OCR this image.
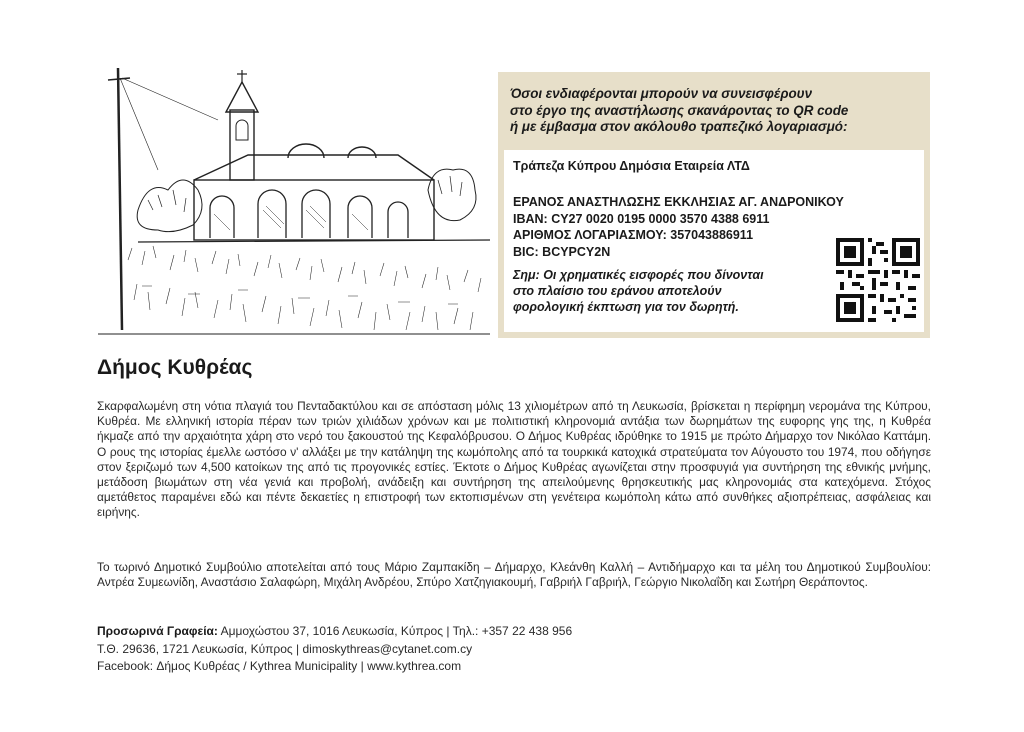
Όσοι ενδιαφέρονται μπορούν να συνεισφέρουν
στο έργο της αναστήλωσης σκανάροντας το QR code
ή με έμβασμα στον ακόλουθο τραπεζικό λογαριασμό:
Τράπεζα Κύπρου Δημόσια Εταιρεία ΛΤΔ
ΕΡΑΝΟΣ ΑΝΑΣΤΗΛΩΣΗΣ ΕΚΚΛΗΣΙΑΣ ΑΓ. ΑΝΔΡΟΝΙΚΟΥ
IBAN: CY27 0020 0195 0000 3570 4388 6911
ΑΡΙΘΜΟΣ ΛΟΓΑΡΙΑΣΜΟΥ: 357043886911
BIC: BCYPCY2N
Σημ: Οι χρηματικές εισφορές που δίνονται
στο πλαίσιο του εράνου αποτελούν
φορολογική έκπτωση για τον δωρητή.
Δήμος Κυθρέας
Σκαρφαλωμένη στη νότια πλαγιά του Πενταδακτύλου και σε απόσταση μόλις 13 χιλιομέτρων από τη Λευκωσία, βρίσκεται η περίφημη νερομάνα της Κύπρου, Κυθρέα. Με ελληνική ιστορία πέραν των τριών χιλιάδων χρόνων και με πολιτιστική κληρονομιά αντάξια των δωρημάτων της ευφορης γης της, η Κυθρέα ήκμαζε από την αρχαιότητα χάρη στο νερό του ξακουστού της Κεφαλόβρυσου. Ο Δήμος Κυθρέας ιδρύθηκε το 1915 με πρώτο Δήμαρχο τον Νικόλαο Καττάμη. Ο ρους της ιστορίας έμελλε ωστόσο ν' αλλάξει με την κατάληψη της κωμόπολης από τα τουρκικά κατοχικά στρατεύματα τον Αύγουστο του 1974, που οδήγησε στον ξεριζωμό των 4,500 κατοίκων της από τις προγονικές εστίες. Έκτοτε ο Δήμος Κυθρέας αγωνίζεται στην προσφυγιά για συντήρηση της εθνικής μνήμης, μετάδοση βιωμάτων στη νέα γενιά και προβολή, ανάδειξη και συντήρηση της απειλούμενης θρησκευτικής μας κληρονομιάς στα κατεχόμενα. Στόχος αμετάθετος παραμένει εδώ και πέντε δεκαετίες η επιστροφή των εκτοπισμένων στη γενέτειρα κωμόπολη κάτω από συνθήκες αξιοπρέπειας, ασφάλειας και ειρήνης.
Το τωρινό Δημοτικό Συμβούλιο αποτελείται από τους Μάριο Ζαμπακίδη – Δήμαρχο, Κλεάνθη Καλλή – Αντιδήμαρχο και τα μέλη του Δημοτικού Συμβουλίου: Αντρέα Συμεωνίδη, Αναστάσιο Σαλαφώρη, Μιχάλη Ανδρέου, Σπύρο Χατζηγιακουμή, Γαβριήλ Γαβριήλ, Γεώργιο Νικολαΐδη και Σωτήρη Θεράποντος.
Προσωρινά Γραφεία: Αμμοχώστου 37, 1016 Λευκωσία, Κύπρος | Τηλ.: +357 22 438 956
Τ.Θ. 29636, 1721 Λευκωσία, Κύπρος | dimoskythreas@cytanet.com.cy
Facebook: Δήμος Κυθρέας / Kythrea Municipality | www.kythrea.com
